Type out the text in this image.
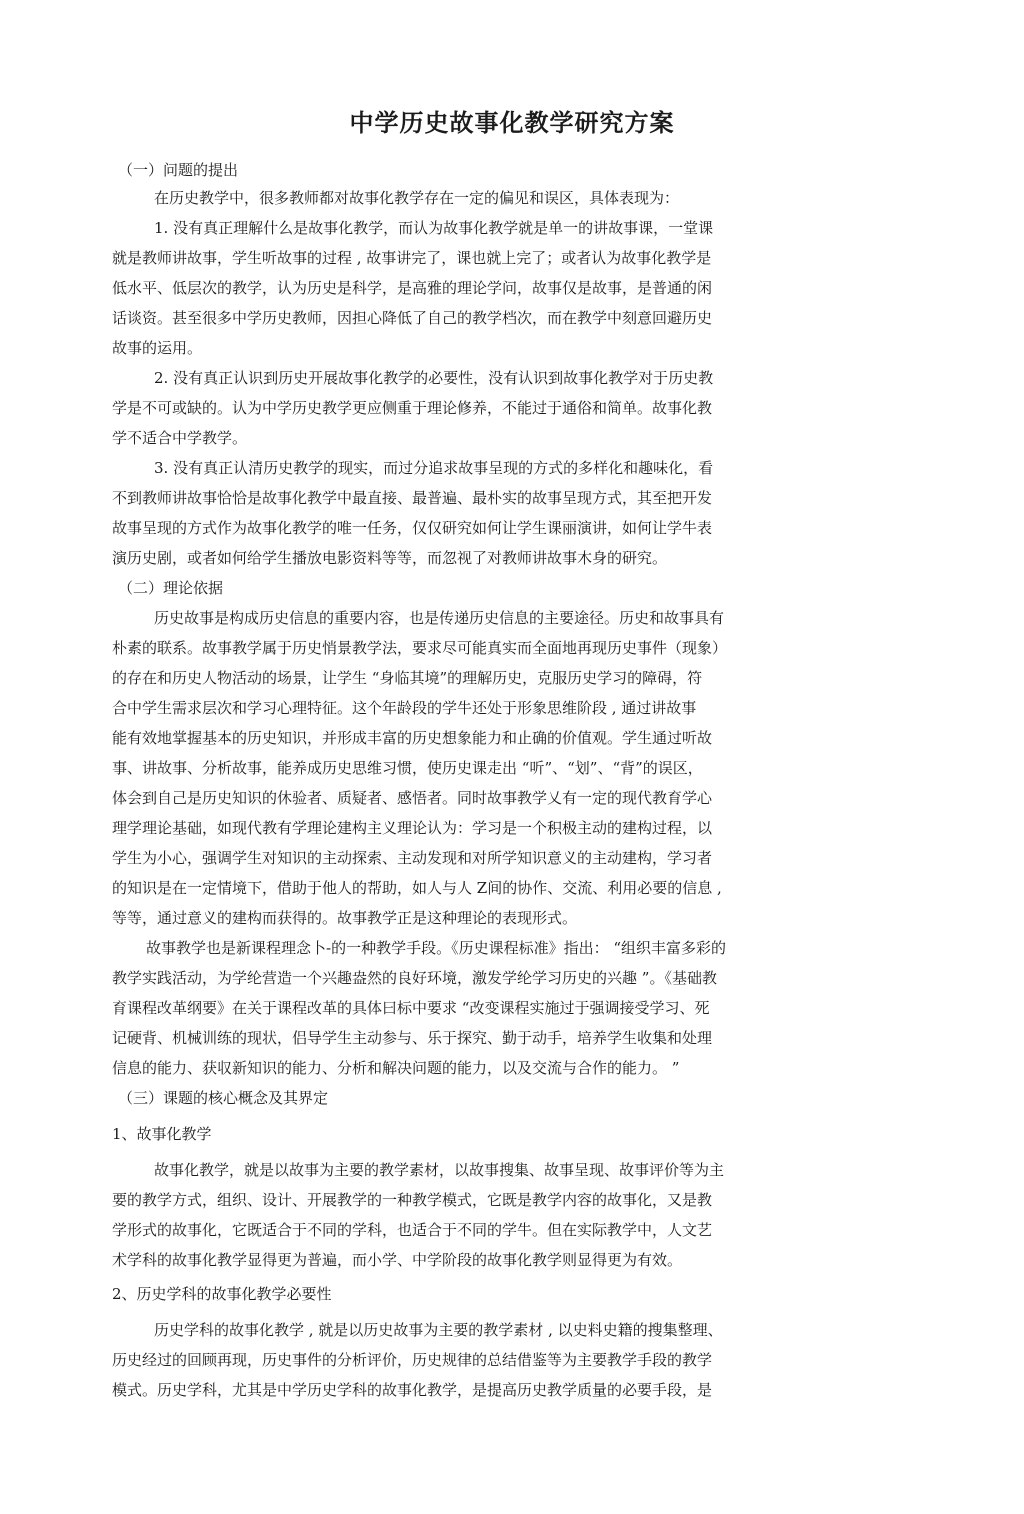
中学历史故事化教学研究方案
（一）问题的提出
在历史教学中，很多教师都对故事化教学存在一定的偏见和误区，具体表现为：
1. 没有真正理解什么是故事化教学，而认为故事化教学就是单一的讲故事课，一堂课
就是教师讲故事，学生听故事的过程 , 故事讲完了，课也就上完了；或者认为故事化教学是
低水平、低层次的教学，认为历史是科学，是高雅的理论学问，故事仅是故事，是普通的闲
话谈资。甚至很多中学历史教师，因担心降低了自己的教学档次，而在教学中刻意回避历史
故事的运用。
2. 没有真正认识到历史开展故事化教学的必要性，没有认识到故事化教学对于历史教
学是不可或缺的。认为中学历史教学更应侧重于理论修养，不能过于通俗和简单。故事化教
学不适合中学教学。
3. 没有真正认清历史教学的现实，而过分追求故事呈现的方式的多样化和趣味化，看
不到教师讲故事恰恰是故事化教学中最直接、最普遍、最朴实的故事呈现方式，其至把开发
故事呈现的方式作为故事化教学的唯一任务，仅仅研究如何让学生课丽演讲，如何让学牛表
演历史剧，或者如何给学生播放电影资料等等，而忽视了对教师讲故事木身的研究。
（二）理论依据
历史故事是构成历史信息的重要内容，也是传递历史信息的主要途径。历史和故事具有
朴素的联系。故事教学属于历史悄景教学法，要求尽可能真实而全面地再现历史事件（现象）
的存在和历史人物活动的场景，让学生 “身临其境”的理解历史，克服历史学习的障碍，符
合中学生需求层次和学习心理特征。这个年龄段的学牛还处于形象思维阶段 , 通过讲故事
能有效地掌握基本的历史知识，并形成丰富的历史想象能力和止确的价值观。学生通过听故
事、讲故事、分析故事，能养成历史思维习惯，使历史课走出 “听”、“划”、“背”的误区，
体会到自己是历史知识的休验者、质疑者、感悟者。同时故事教学乂有一定的现代教育学心
理学理论基础，如现代教有学理论建构主义理论认为：学习是一个积极主动的建构过程，以
学生为小心，强调学生对知识的主动探索、主动发现和对所学知识意义的主动建构，学习者
的知识是在一定情境下，借助于他人的帮助，如人与人 Z间的协作、交流、利用必要的信息 ,
等等，通过意义的建构而获得的。故事教学正是这种理论的表现形式。
故事教学也是新课程理念卜-的一种教学手段。《历史课程标准》指出： “组织丰富多彩的
教学实践活动，为学纶营造一个兴趣盎然的良好环境，激发学纶学习历史的兴趣 ”。《基础教
育课程改革纲要》在关于课程改革的具体曰标中要求 “改变课程实施过于强调接受学习、死
记硬背、机械训练的现状，侣导学生主动参与、乐于探究、勤于动手，培养学生收集和处理
信息的能力、获収新知识的能力、分析和解决问题的能力，以及交流与合作的能力。 ”
（三）课题的核心概念及其界定
1、故事化教学
故事化教学，就是以故事为主要的教学素材，以故事搜集、故事呈现、故事评价等为主
要的教学方式，组织、设计、开展教学的一种教学模式，它既是教学内容的故事化，又是教
学形式的故事化，它既适合于不同的学科，也适合于不同的学牛。但在实际教学中，人文艺
术学科的故事化教学显得更为普遍，而小学、中学阶段的故事化教学则显得更为有效。
2、历史学科的故事化教学必要性
历史学科的故事化教学 , 就是以历史故事为主要的教学素材 , 以史料史籍的搜集整理、
历史经过的回顾再现，历史事件的分析评价，历史规律的总结借鉴等为主要教学手段的教学
模式。历史学科，尤其是中学历史学科的故事化教学，是提高历史教学质量的必要手段，是
